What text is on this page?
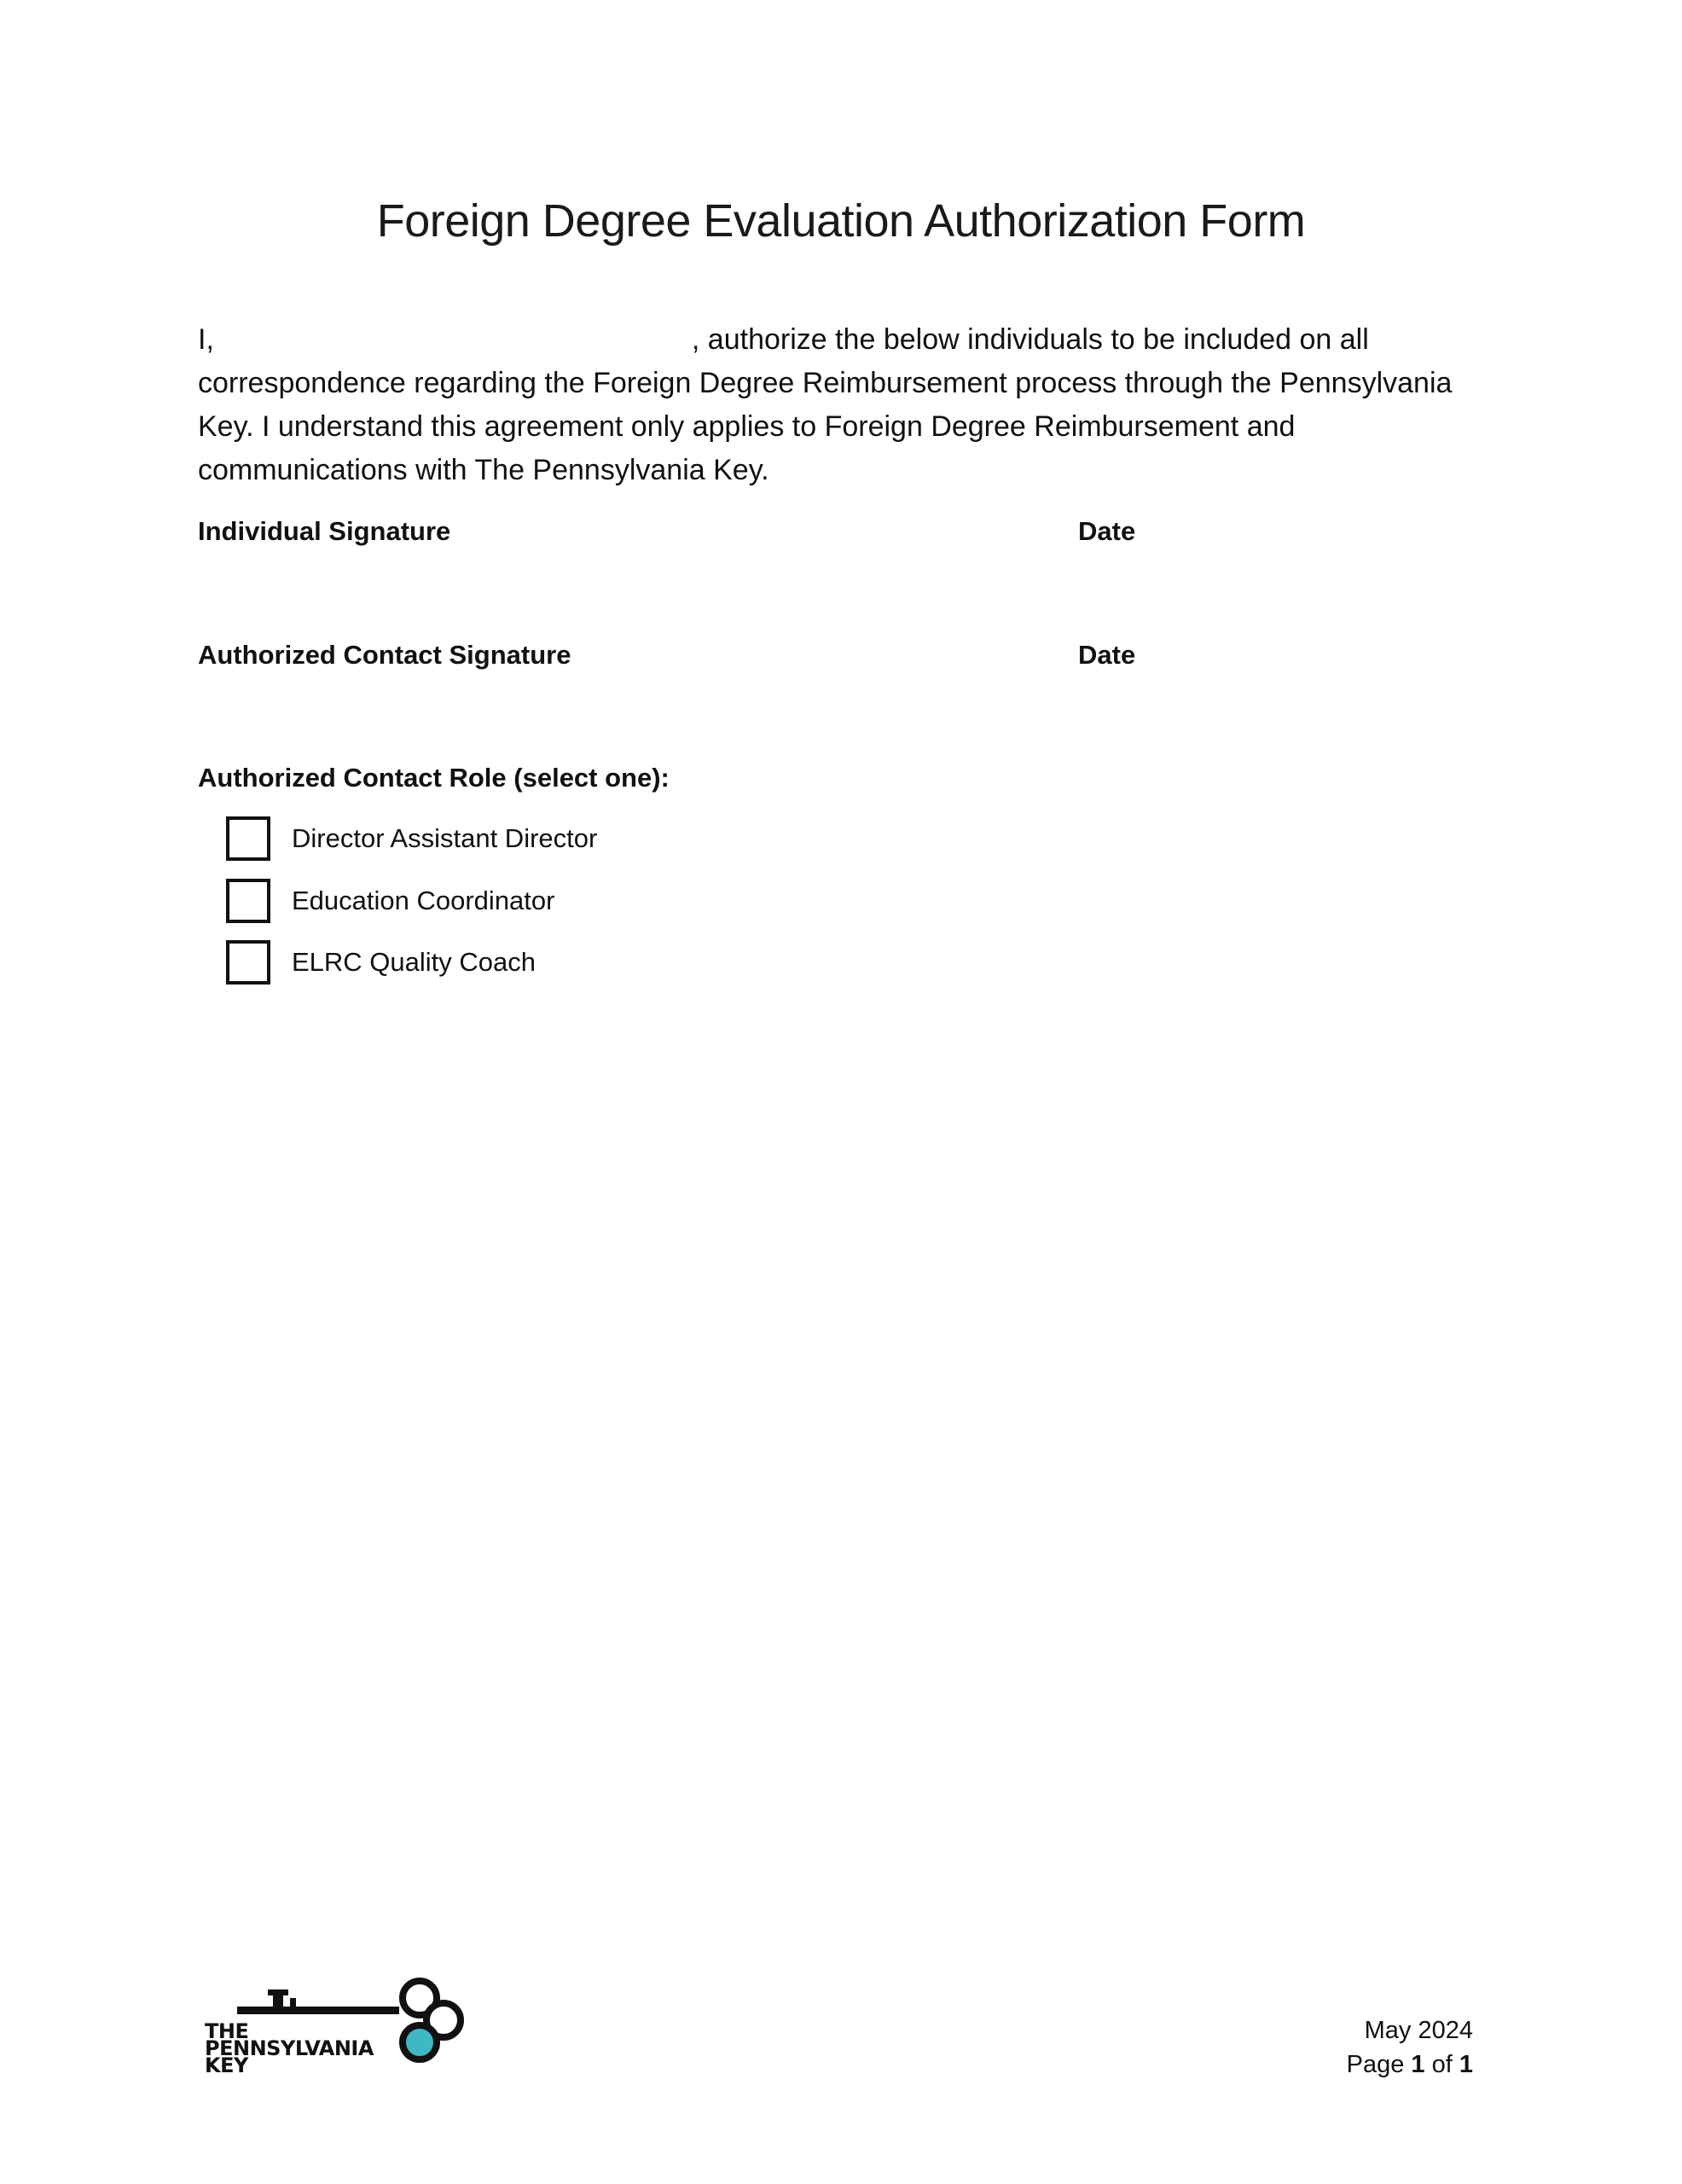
Foreign Degree Evaluation Authorization Form

I,	, authorize the below individuals to be included on all correspondence regarding the Foreign Degree Reimbursement process through the Pennsylvania Key. I understand this agreement only applies to Foreign Degree Reimbursement and communications with The Pennsylvania Key.

Individual Signature	Date
Authorized Contact Signature	Date
Authorized Contact Role (select one):
Director Assistant Director
Education Coordinator
ELRC Quality Coach
THE
PENNSYLVANIA
KEY
May 2024
Page 1 of 1
